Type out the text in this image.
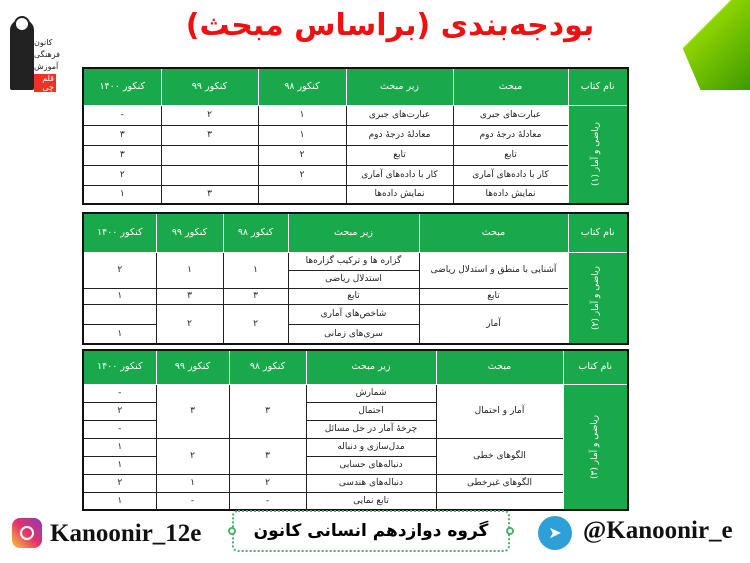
کانون
فرهنگی
آموزش
قلم چی
بودجه‌بندی (براساس مبحث)
نام کتاب	مبحث	زیر مبحث	کنکور ۹۸	کنکور ۹۹	کنکور ۱۴۰۰
ریاضی و آمار (۱)	عبارت‌های جبری	عبارت‌های جبری	۱	۲	-
	معادلهٔ درجهٔ دوم	معادلهٔ درجهٔ دوم	۱	۳	۳
	تابع	تابع	۲		۳
	کار با داده‌های آماری	کار با داده‌های آماری	۲		۲
	نمایش داده‌ها	نمایش داده‌ها		۳	۱
نام کتاب	مبحث	زیر مبحث	کنکور ۹۸	کنکور ۹۹	کنکور ۱۴۰۰
ریاضی و آمار (۲)	آشنایی با منطق و استدلال ریاضی	گزاره ها و ترکیب گزاره‌ها	۱	۱	۲
		استدلال ریاضی			
	تابع	تابع	۳	۳	۱
	آمار	شاخص‌های آماری	۲	۲	
		سری‌های زمانی			۱
نام کتاب	مبحث	زیر مبحث	کنکور ۹۸	کنکور ۹۹	کنکور ۱۴۰۰
ریاضی و آمار (۳)	آمار و احتمال	شمارش	۳	۳	-
		احتمال			۲
		چرخهٔ آمار در حل مسائل			-
	الگوهای خطی	مدل‌سازی و دنباله	۳	۲	۱
		دنباله‌های حسابی			۱
	الگوهای غیرخطی	دنباله‌های هندسی	۲	۱	۲
		تابع نمایی	-	-	۱
Kanoonir_12e	گروه دوازدهم انسانی کانون	➤ @Kanoonir_e
